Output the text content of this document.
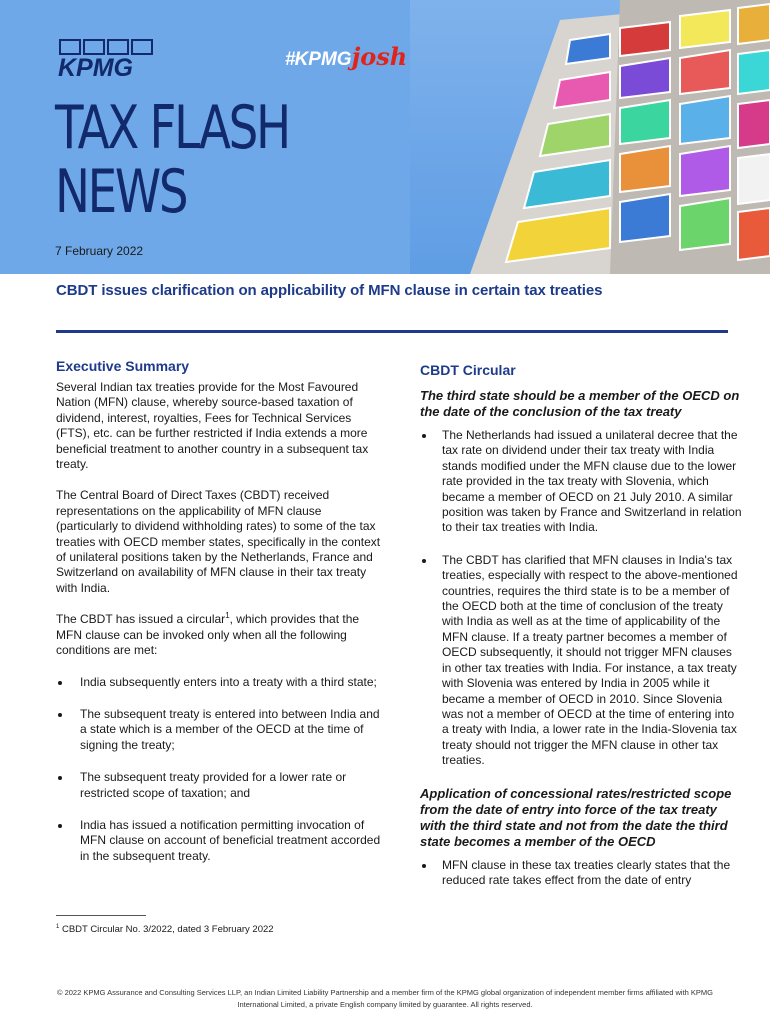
KPMG	#KPMGjosh
TAX FLASH
NEWS

7 February 2022

CBDT issues clarification on applicability of MFN clause in certain tax treaties
Executive Summary

Several Indian tax treaties provide for the Most Favoured Nation (MFN) clause, whereby source-based taxation of dividend, interest, royalties, Fees for Technical Services (FTS), etc. can be further restricted if India extends a more beneficial treatment to another country in a subsequent tax treaty.

The Central Board of Direct Taxes (CBDT) received representations on the applicability of MFN clause (particularly to dividend withholding rates) to some of the tax treaties with OECD member states, specifically in the context of unilateral positions taken by the Netherlands, France and Switzerland on availability of MFN clause in their tax treaty with India.

The CBDT has issued a circular$^1$, which provides that the MFN clause can be invoked only when all the following conditions are met:

India subsequently enters into a treaty with a third state;
The subsequent treaty is entered into between India and a state which is a member of the OECD at the time of signing the treaty;
The subsequent treaty provided for a lower rate or restricted scope of taxation; and
India has issued a notification permitting invocation of MFN clause on account of beneficial treatment accorded in the subsequent treaty.
CBDT Circular

The third state should be a member of the OECD on the date of the conclusion of the tax treaty

The Netherlands had issued a unilateral decree that the tax rate on dividend under their tax treaty with India stands modified under the MFN clause due to the lower rate provided in the tax treaty with Slovenia, which became a member of OECD on 21 July 2010. A similar position was taken by France and Switzerland in relation to their tax treaties with India.
The CBDT has clarified that MFN clauses in India's tax treaties, especially with respect to the above-mentioned countries, requires the third state is to be a member of the OECD both at the time of conclusion of the treaty with India as well as at the time of applicability of the MFN clause. If a treaty partner becomes a member of OECD subsequently, it should not trigger MFN clauses in other tax treaties with India. For instance, a tax treaty with Slovenia was entered by India in 2005 while it became a member of OECD in 2010. Since Slovenia was not a member of OECD at the time of entering into a treaty with India, a lower rate in the India-Slovenia tax treaty should not trigger the MFN clause in other tax treaties.

Application of concessional rates/restricted scope from the date of entry into force of the tax treaty with the third state and not from the date the third state becomes a member of the OECD

MFN clause in these tax treaties clearly states that the reduced rate takes effect from the date of entry

$^1$ CBDT Circular No. 3/2022, dated 3 February 2022

© 2022 KPMG Assurance and Consulting Services LLP, an Indian Limited Liability Partnership and a member firm of the KPMG global organization of independent member firms affiliated with KPMG
International Limited, a private English company limited by guarantee. All rights reserved.
